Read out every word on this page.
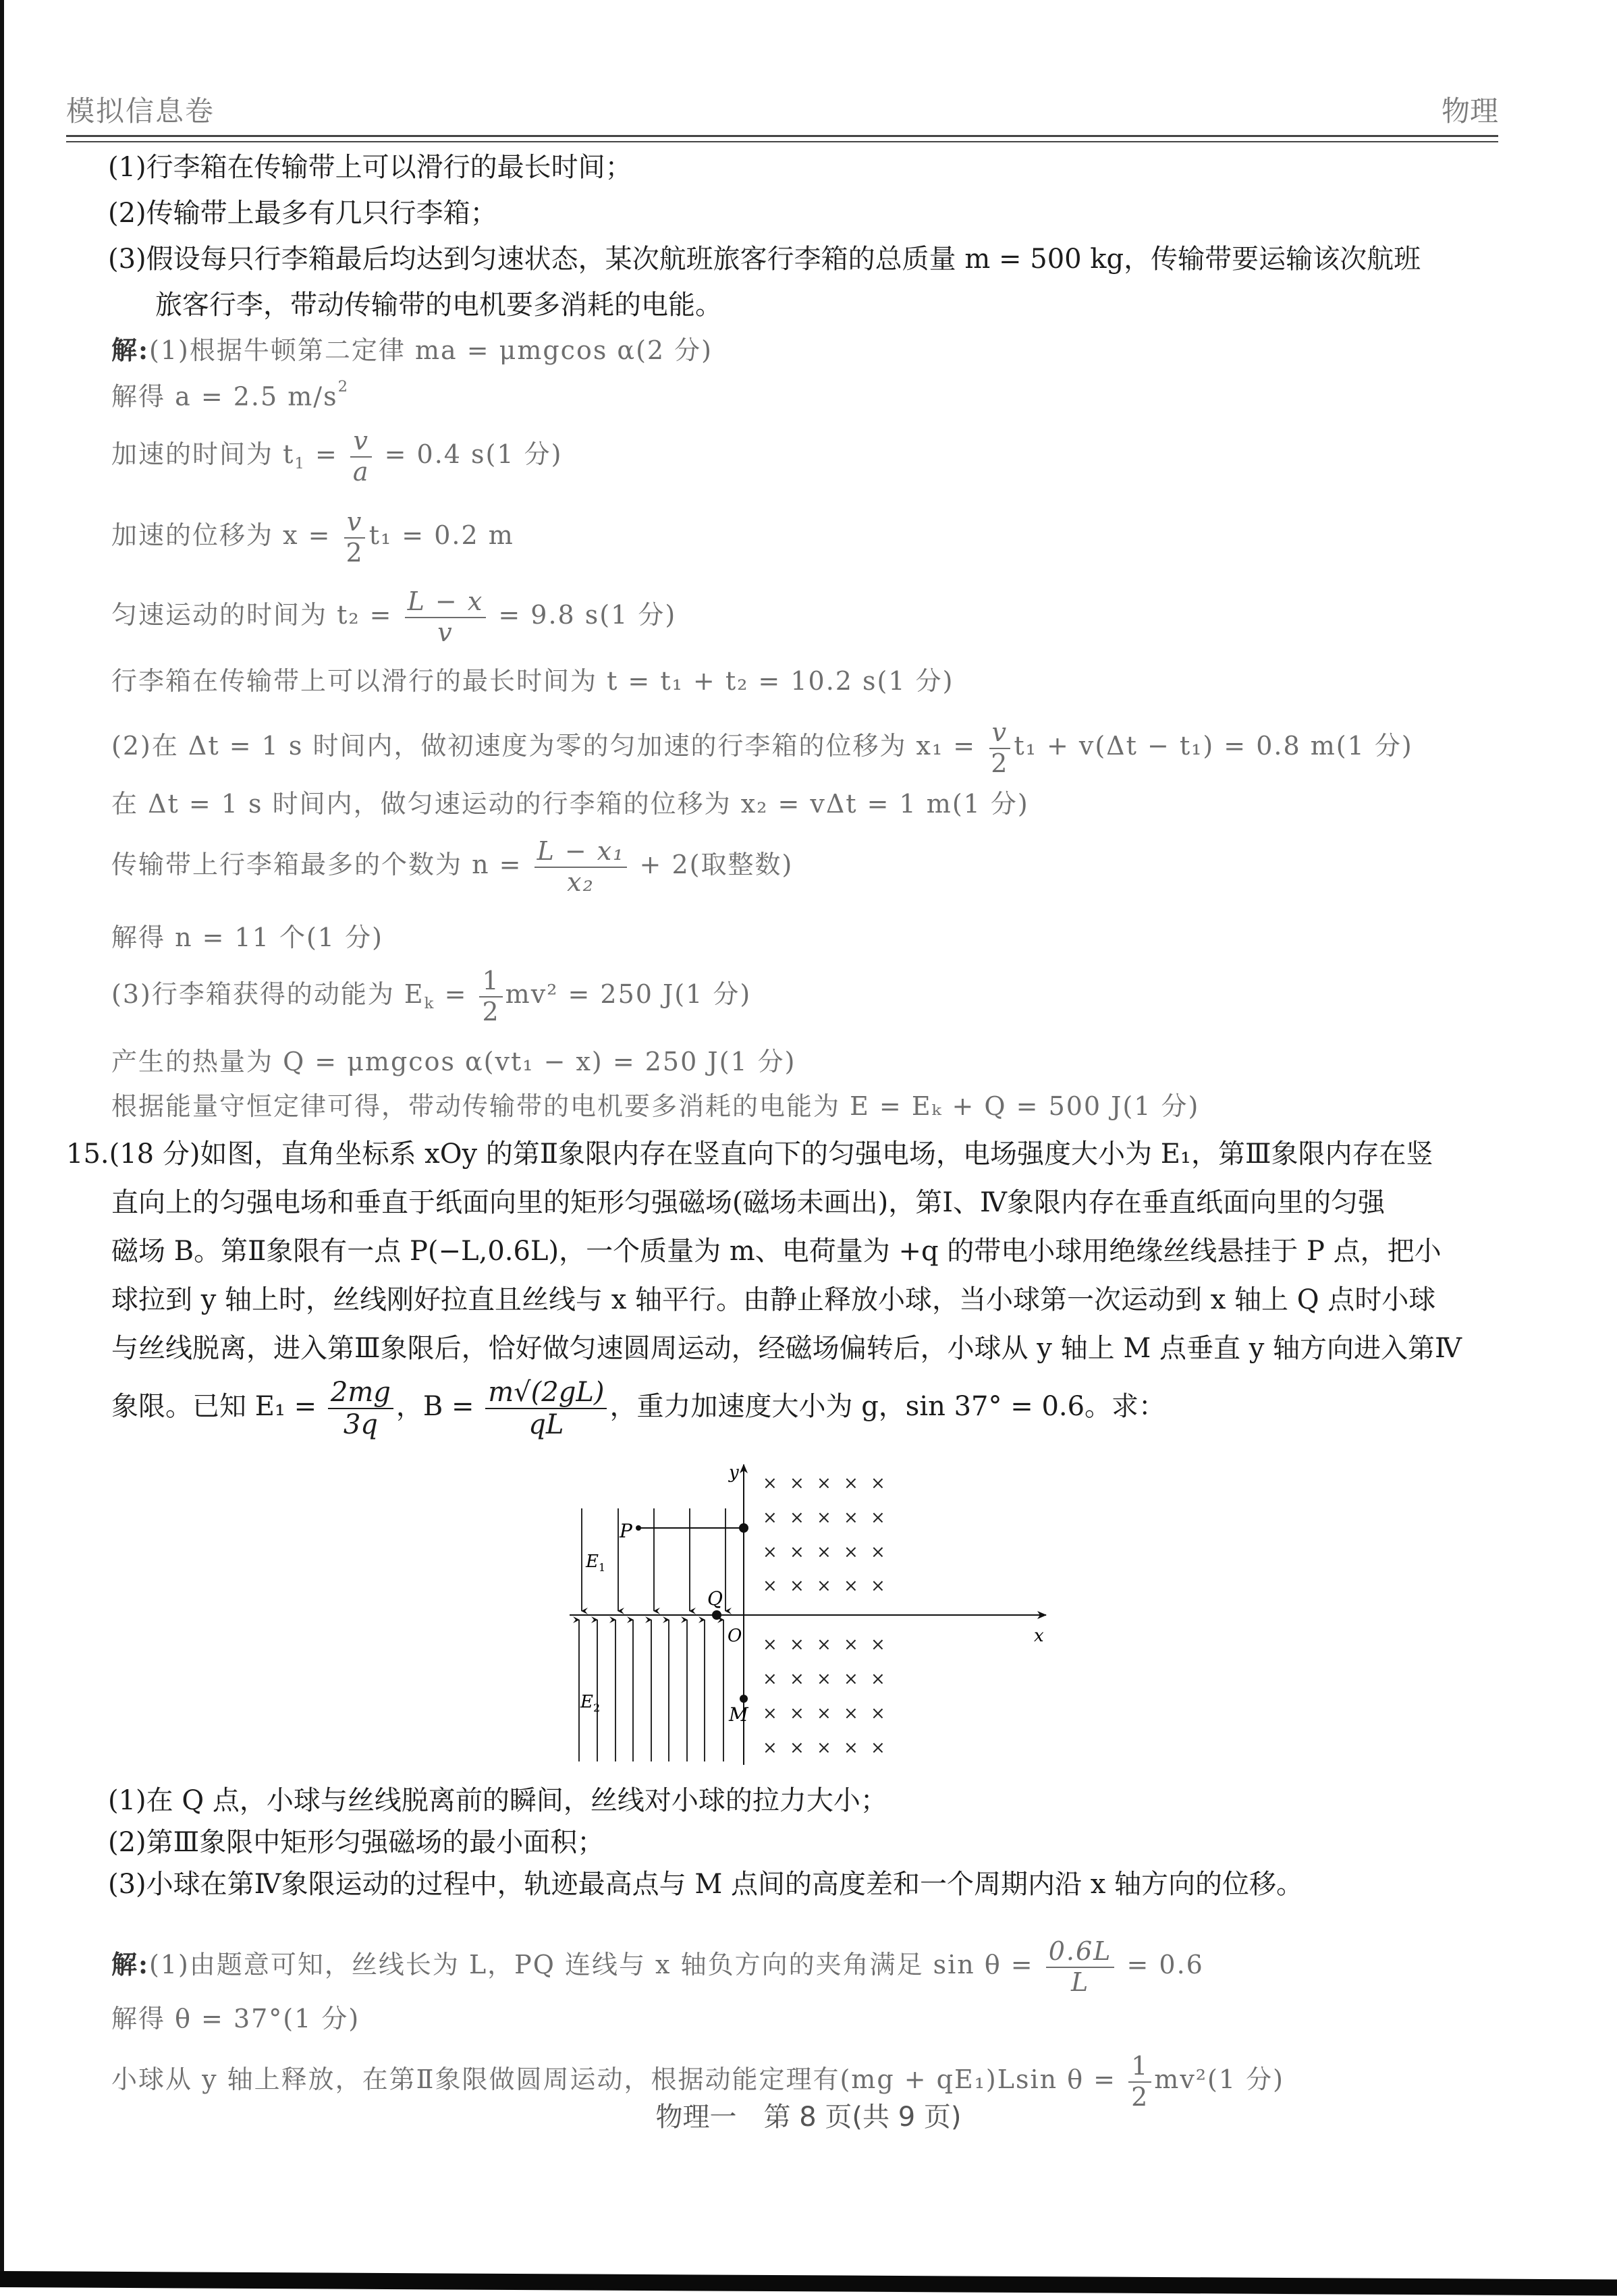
模拟信息卷	物理
(1)行李箱在传输带上可以滑行的最长时间；
(2)传输带上最多有几只行李箱；
(3)假设每只行李箱最后均达到匀速状态，某次航班旅客行李箱的总质量 m = 500 kg，传输带要运输该次航班
旅客行李，带动传输带的电机要多消耗的电能。
解:(1)根据牛顿第二定律 ma = μmgcos α(2 分)
解得 a = 2.5 $m/s^2$
加速的时间为 $t_1 = \frac{v}{a} = 0.4$ s(1 分)
加速的位移为 $x = \frac{v}{2} t_1 = 0.2$ m
匀速运动的时间为 $t_2 = \frac{L - x}{v} = 9.8$ s(1 分)
行李箱在传输带上可以滑行的最长时间为 t = t₁ + t₂ = 10.2 s(1 分)
(2)在 Δt = 1 s 时间内，做初速度为零的匀加速的行李箱的位移为 $x_1 = \frac{v}{2} t_1 + v(\Delta t - t_1) = 0.8$ m(1 分)
在 Δt = 1 s 时间内，做匀速运动的行李箱的位移为 x₂ = vΔt = 1 m(1 分)
传输带上行李箱最多的个数为 $n = \frac{\text{L − x₁}}{\text{x₂}} + 2$(取整数)
解得 n = 11 个(1 分)
(3)行李箱获得的动能为 $E_k = \frac{1}{2} mv^2 = 250$ J(1 分)
产生的热量为 Q = μmgcos α(vt₁ − x) = 250 J(1 分)
根据能量守恒定律可得，带动传输带的电机要多消耗的电能为 E = Eₖ + Q = 500 J(1 分)
15.(18 分)如图，直角坐标系 xOy 的第Ⅱ象限内存在竖直向下的匀强电场，电场强度大小为 E₁，第Ⅲ象限内存在竖
直向上的匀强电场和垂直于纸面向里的矩形匀强磁场(磁场未画出)，第Ⅰ、Ⅳ象限内存在垂直纸面向里的匀强
磁场 B。第Ⅱ象限有一点 P(−L,0.6L)，一个质量为 m、电荷量为 +q 的带电小球用绝缘丝线悬挂于 P 点，把小
球拉到 y 轴上时，丝线刚好拉直且丝线与 x 轴平行。由静止释放小球，当小球第一次运动到 x 轴上 Q 点时小球
与丝线脱离，进入第Ⅲ象限后，恰好做匀速圆周运动，经磁场偏转后，小球从 y 轴上 M 点垂直 y 轴方向进入第Ⅳ
象限。已知 $E_1 = \frac{2mg}{3q}$ ，$B = \frac{m√(2gL)}{qL}$ ，重力加速度大小为 g，sin 37° = 0.6。求：
y
x
O
P
Q
M
$E_1$
$E_2$
× × × × ×
× × × × ×
× × × × ×
× × × × ×
× × × × ×
× × × × ×
× × × × ×
× × × × ×
(1)在 Q 点，小球与丝线脱离前的瞬间，丝线对小球的拉力大小；
(2)第Ⅲ象限中矩形匀强磁场的最小面积；
(3)小球在第Ⅳ象限运动的过程中，轨迹最高点与 M 点间的高度差和一个周期内沿 x 轴方向的位移。
解:(1)由题意可知，丝线长为 L，PQ 连线与 x 轴负方向的夹角满足 $\sin \theta = \frac{0.6L}{L} = 0.6$
解得 θ = 37°(1 分)
小球从 y 轴上释放，在第Ⅱ象限做圆周运动，根据动能定理有(mg + qE₁)Lsin $\theta = \frac{1}{2} mv^2(1$ 分)
物理一　第 8 页(共 9 页)
